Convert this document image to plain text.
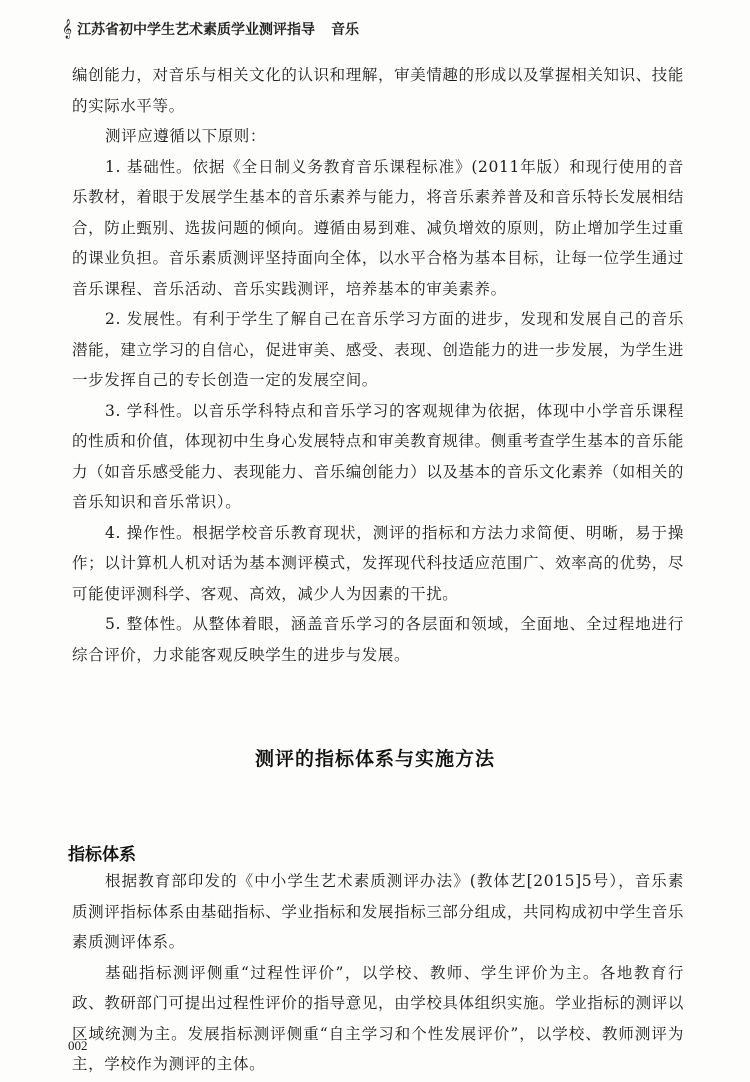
𝄞 江苏省初中学生艺术素质学业测评指导 音乐

编创能力，对音乐与相关文化的认识和理解，审美情趣的形成以及掌握相关知识、技能的实际水平等。

测评应遵循以下原则：

1. 基础性。依据《全日制义务教育音乐课程标准》(2011年版）和现行使用的音乐教材，着眼于发展学生基本的音乐素养与能力，将音乐素养普及和音乐特长发展相结合，防止甄别、选拔问题的倾向。遵循由易到难、减负增效的原则，防止增加学生过重的课业负担。音乐素质测评坚持面向全体，以水平合格为基本目标，让每一位学生通过音乐课程、音乐活动、音乐实践测评，培养基本的审美素养。

2. 发展性。有利于学生了解自己在音乐学习方面的进步，发现和发展自己的音乐潜能，建立学习的自信心，促进审美、感受、表现、创造能力的进一步发展，为学生进一步发挥自己的专长创造一定的发展空间。

3. 学科性。以音乐学科特点和音乐学习的客观规律为依据，体现中小学音乐课程的性质和价值，体现初中生身心发展特点和审美教育规律。侧重考查学生基本的音乐能力（如音乐感受能力、表现能力、音乐编创能力）以及基本的音乐文化素养（如相关的音乐知识和音乐常识）。

4. 操作性。根据学校音乐教育现状，测评的指标和方法力求简便、明晰，易于操作；以计算机人机对话为基本测评模式，发挥现代科技适应范围广、效率高的优势，尽可能使评测科学、客观、高效，减少人为因素的干扰。

5. 整体性。从整体着眼，涵盖音乐学习的各层面和领域，全面地、全过程地进行综合评价，力求能客观反映学生的进步与发展。

测评的指标体系与实施方法
指标体系

根据教育部印发的《中小学生艺术素质测评办法》(教体艺[2015]5号），音乐素质测评指标体系由基础指标、学业指标和发展指标三部分组成，共同构成初中学生音乐素质测评体系。

基础指标测评侧重“过程性评价”，以学校、教师、学生评价为主。各地教育行政、教研部门可提出过程性评价的指导意见，由学校具体组织实施。学业指标的测评以区域统测为主。发展指标测评侧重“自主学习和个性发展评价”，以学校、教师测评为主，学校作为测评的主体。

002
